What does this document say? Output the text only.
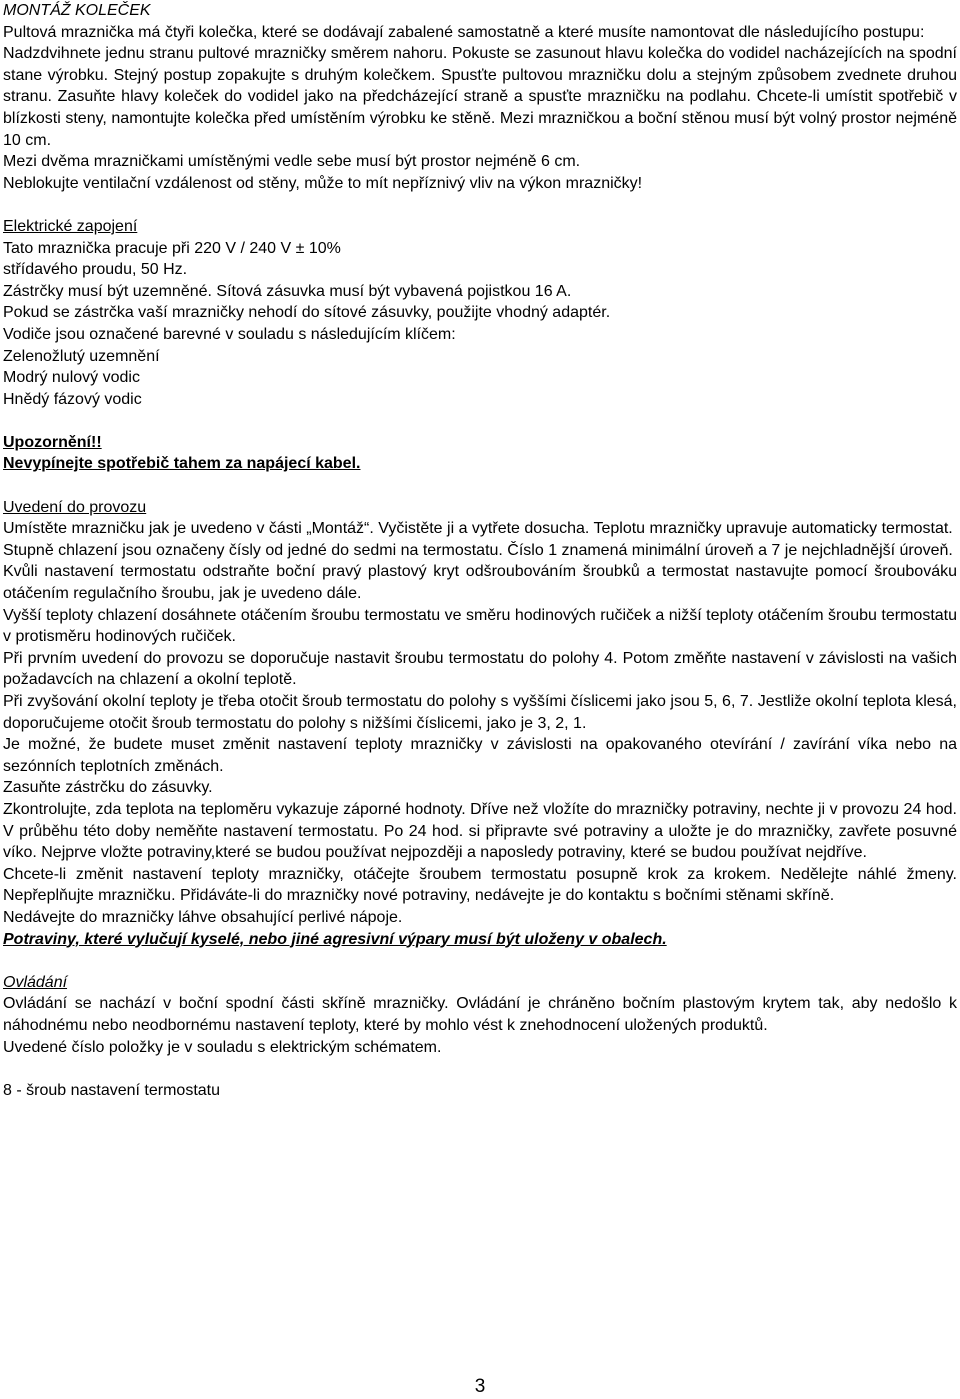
MONTÁŽ KOLEČEK

Pultová mraznička má čtyři kolečka, které se dodávají zabalené samostatně a které musíte namontovat dle následujícího postupu:

Nadzdvihnete jednu stranu pultové mrazničky směrem nahoru. Pokuste se zasunout hlavu kolečka do vodidel nacházejících na spodní stane výrobku. Stejný postup zopakujte s druhým kolečkem. Spusťte pultovou mrazničku dolu a stejným způsobem zvednete druhou stranu. Zasuňte hlavy koleček do vodidel jako na předcházející straně a spusťte mrazničku na podlahu. Chcete-li umístit spotřebič v blízkosti steny, namontujte kolečka před umístěním výrobku ke stěně. Mezi mrazničkou a boční stěnou musí být volný prostor nejméně 10 cm.

Mezi dvěma mrazničkami umístěnými vedle sebe musí být prostor nejméně 6 cm.

Neblokujte ventilační vzdálenost od stěny, může to mít nepříznivý vliv na výkon mrazničky!

Elektrické zapojení

Tato mraznička pracuje při 220 V / 240 V ± 10%

střídavého proudu, 50 Hz.

Zástrčky musí být uzemněné. Sítová zásuvka musí být vybavená pojistkou 16 A.

Pokud se zástrčka vaší mrazničky nehodí do sítové zásuvky, použijte vhodný adaptér.

Vodiče jsou označené barevné v souladu s následujícím klíčem:

Zelenožlutý uzemnění

Modrý nulový vodic

Hnědý fázový vodic

Upozornění!!

Nevypínejte spotřebič tahem za napájecí kabel.

Uvedení do provozu

Umístěte mrazničku jak je uvedeno v části „Montáž“. Vyčistěte ji a vytřete dosucha. Teplotu mrazničky upravuje automaticky termostat.

Stupně chlazení jsou označeny čísly od jedné do sedmi na termostatu. Číslo 1 znamená minimální úroveň a 7 je nejchladnější úroveň.

Kvůli nastavení termostatu odstraňte boční pravý plastový kryt odšroubováním šroubků a termostat nastavujte pomocí šroubováku otáčením regulačního šroubu, jak je uvedeno dále.

Vyšší teploty chlazení dosáhnete otáčením šroubu termostatu ve směru hodinových ručiček a nižší teploty otáčením šroubu termostatu v protisměru hodinových ručiček.

Při prvním uvedení do provozu se doporučuje nastavit šroubu termostatu do polohy 4. Potom změňte nastavení v závislosti na vašich požadavcích na chlazení a okolní teplotě.

Při zvyšování okolní teploty je třeba otočit šroub termostatu do polohy s vyššími číslicemi jako jsou 5, 6, 7. Jestliže okolní teplota klesá, doporučujeme otočit šroub termostatu do polohy s nižšími číslicemi, jako je 3, 2, 1.

Je možné, že budete muset změnit nastavení teploty mrazničky v závislosti na opakovaného otevírání / zavírání víka nebo na sezónních teplotních změnách.

Zasuňte zástrčku do zásuvky.

Zkontrolujte, zda teplota na teploměru vykazuje záporné hodnoty. Dříve než vložíte do mrazničky potraviny, nechte ji v provozu 24 hod. V průběhu této doby neměňte nastavení termostatu. Po 24 hod. si připravte své potraviny a uložte je do mrazničky, zavřete posuvné víko. Nejprve vložte potraviny,které se budou používat nejpozději a naposledy potraviny, které se budou používat nejdříve.

Chcete-li změnit nastavení teploty mrazničky, otáčejte šroubem termostatu posupně krok za krokem. Nedělejte náhlé žmeny. Nepřeplňujte mrazničku. Přidáváte-li do mrazničky nové potraviny, nedávejte je do kontaktu s bočními stěnami skříně.

Nedávejte do mrazničky láhve obsahující perlivé nápoje.

Potraviny, které vylučují kyselé, nebo jiné agresivní výpary musí být uloženy v obalech.

Ovládání

Ovládání se nachází v boční spodní části skříně mrazničky. Ovládání je chráněno bočním plastovým krytem tak, aby nedošlo k náhodnému nebo neodbornému nastavení teploty, které by mohlo vést k znehodnocení uložených produktů.

Uvedené číslo položky je v souladu s elektrickým schématem.

8 - šroub nastavení termostatu

3
